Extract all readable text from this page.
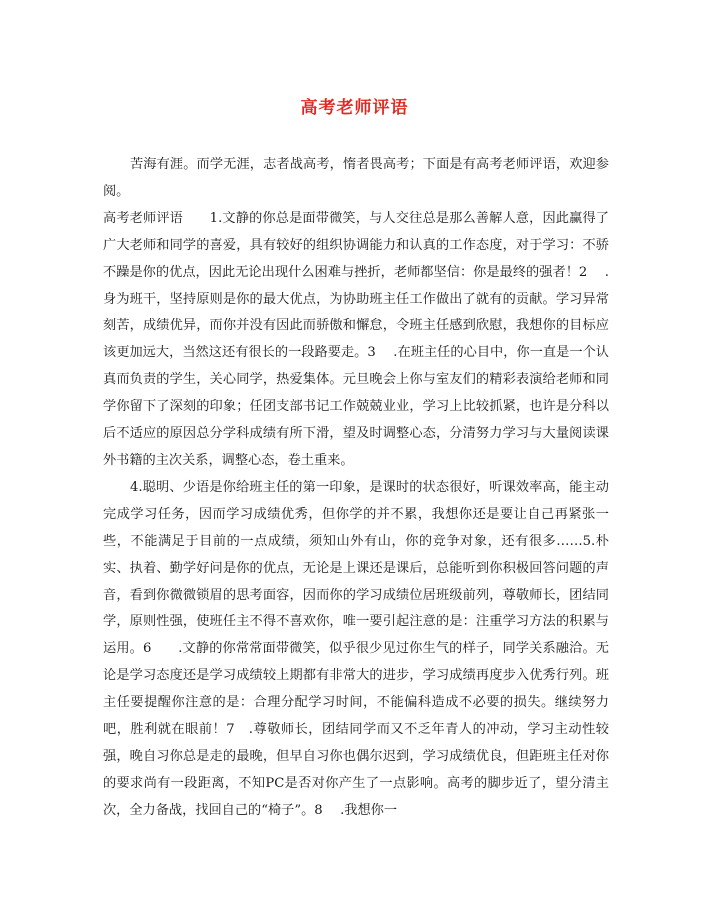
高考老师评语

苦海有涯。而学无涯，志者战高考，惰者畏高考；下面是有高考老师评语，欢迎参阅。

高考老师评语　　1.文静的你总是面带微笑，与人交往总是那么善解人意，因此赢得了广大老师和同学的喜爱，具有较好的组织协调能力和认真的工作态度，对于学习：不骄不躁是你的优点，因此无论出现什么困难与挫折，老师都坚信：你是最终的强者！2　 .身为班干，坚持原则是你的最大优点，为协助班主任工作做出了就有的贡献。学习异常刻苦，成绩优异，而你并没有因此而骄傲和懈怠，令班主任感到欣慰，我想你的目标应该更加远大，当然这还有很长的一段路要走。3　 .在班主任的心目中，你一直是一个认真而负责的学生，关心同学，热爱集体。元旦晚会上你与室友们的精彩表演给老师和同学你留下了深刻的印象；任团支部书记工作兢兢业业，学习上比较抓紧，也许是分科以后不适应的原因总分学科成绩有所下滑，望及时调整心态，分清努力学习与大量阅读课外书籍的主次关系，调整心态，卷土重来。

4.聪明、少语是你给班主任的第一印象，是课时的状态很好，听课效率高，能主动完成学习任务，因而学习成绩优秀，但你学的并不累，我想你还是要让自己再紧张一些，不能满足于目前的一点成绩，须知山外有山，你的竞争对象，还有很多……5.朴实、执着、勤学好问是你的优点，无论是上课还是课后，总能听到你积极回答问题的声音，看到你微微锁眉的思考面容，因而你的学习成绩位居班级前列，尊敬师长，团结同学，原则性强，使班任主不得不喜欢你，唯一要引起注意的是：注重学习方法的积累与运用。6　　.文静的你常常面带微笑，似乎很少见过你生气的样子，同学关系融洽。无论是学习态度还是学习成绩较上期都有非常大的进步，学习成绩再度步入优秀行列。班主任要提醒你注意的是：合理分配学习时间，不能偏科造成不必要的损失。继续努力吧，胜利就在眼前！7　.尊敬师长，团结同学而又不乏年青人的冲动，学习主动性较强，晚自习你总是走的最晚，但早自习你也偶尔迟到，学习成绩优良，但距班主任对你的要求尚有一段距离，不知PC是否对你产生了一点影响。高考的脚步近了，望分清主次，全力备战，找回自己的“椅子”。8　 .我想你一
